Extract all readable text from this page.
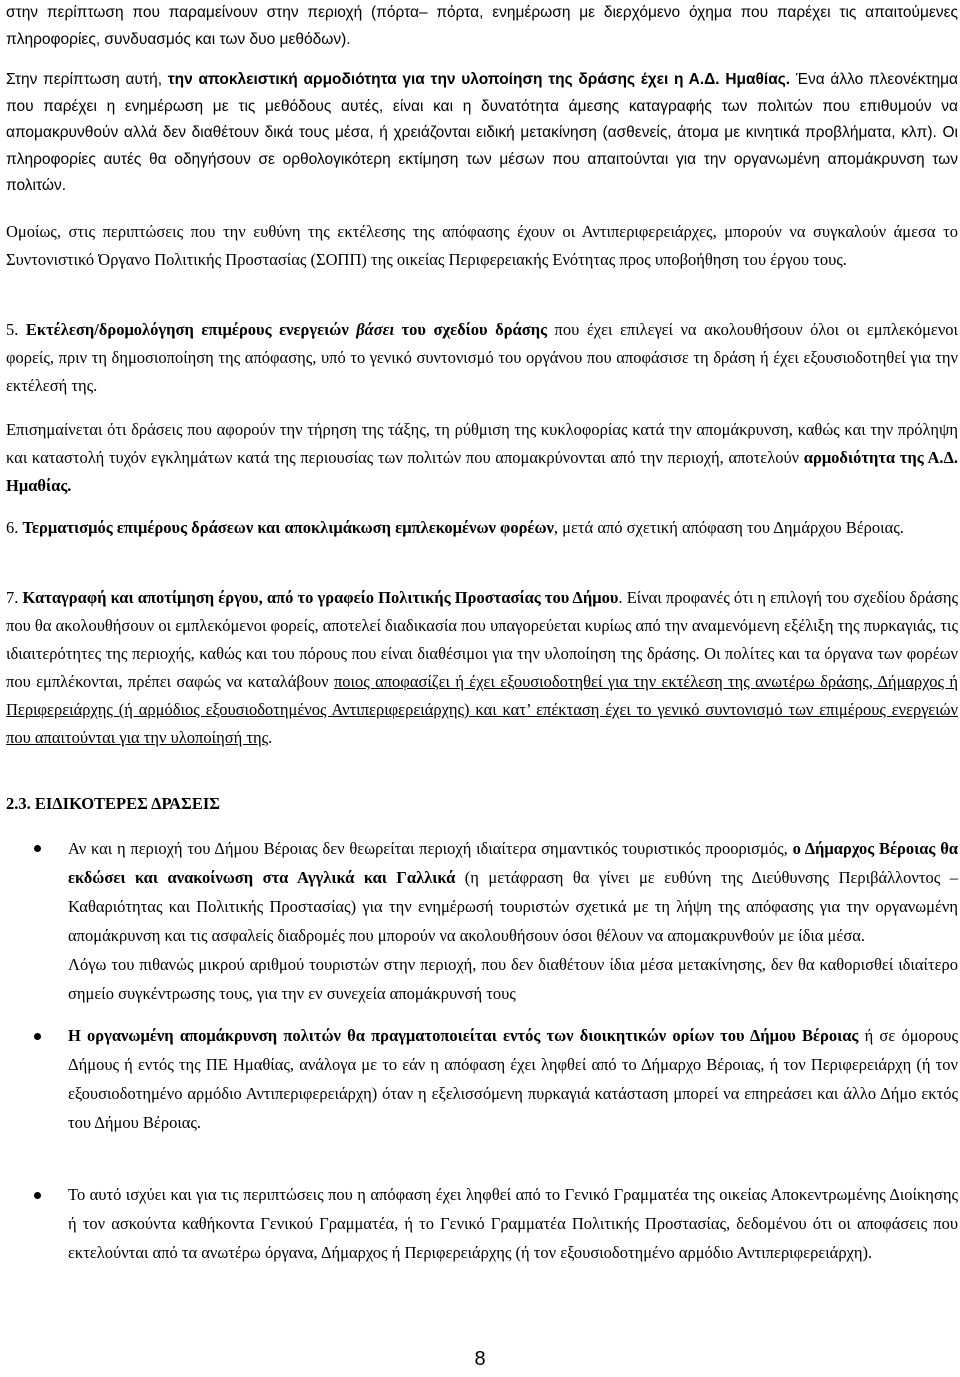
στην περίπτωση που παραμείνουν στην περιοχή (πόρτα– πόρτα, ενημέρωση με διερχόμενο όχημα που παρέχει τις απαιτούμενες πληροφορίες, συνδυασμός και των δυο μεθόδων).

Στην περίπτωση αυτή, την αποκλειστική αρμοδιότητα για την υλοποίηση της δράσης έχει η Α.Δ. Ημαθίας. Ένα άλλο πλεονέκτημα που παρέχει η ενημέρωση με τις μεθόδους αυτές, είναι και η δυνατότητα άμεσης καταγραφής των πολιτών που επιθυμούν να απομακρυνθούν αλλά δεν διαθέτουν δικά τους μέσα, ή χρειάζονται ειδική μετακίνηση (ασθενείς, άτομα με κινητικά προβλήματα, κλπ). Οι πληροφορίες αυτές θα οδηγήσουν σε ορθολογικότερη εκτίμηση των μέσων που απαιτούνται για την οργανωμένη απομάκρυνση των πολιτών.

Ομοίως, στις περιπτώσεις που την ευθύνη της εκτέλεσης της απόφασης έχουν οι Αντιπεριφερειάρχες, μπορούν να συγκαλούν άμεσα το Συντονιστικό Όργανο Πολιτικής Προστασίας (ΣΟΠΠ) της οικείας Περιφερειακής Ενότητας προς υποβοήθηση του έργου τους.

5. Εκτέλεση/δρομολόγηση επιμέρους ενεργειών βάσει του σχεδίου δράσης που έχει επιλεγεί να ακολουθήσουν όλοι οι εμπλεκόμενοι φορείς, πριν τη δημοσιοποίηση της απόφασης, υπό το γενικό συντονισμό του οργάνου που αποφάσισε τη δράση ή έχει εξουσιοδοτηθεί για την εκτέλεσή της.

Επισημαίνεται ότι δράσεις που αφορούν την τήρηση της τάξης, τη ρύθμιση της κυκλοφορίας κατά την απομάκρυνση, καθώς και την πρόληψη και καταστολή τυχόν εγκλημάτων κατά της περιουσίας των πολιτών που απομακρύνονται από την περιοχή, αποτελούν αρμοδιότητα της Α.Δ. Ημαθίας.

6. Τερματισμός επιμέρους δράσεων και αποκλιμάκωση εμπλεκομένων φορέων, μετά από σχετική απόφαση του Δημάρχου Βέροιας.

7. Καταγραφή και αποτίμηση έργου, από το γραφείο Πολιτικής Προστασίας του Δήμου. Είναι προφανές ότι η επιλογή του σχεδίου δράσης που θα ακολουθήσουν οι εμπλεκόμενοι φορείς, αποτελεί διαδικασία που υπαγορεύεται κυρίως από την αναμενόμενη εξέλιξη της πυρκαγιάς, τις ιδιαιτερότητες της περιοχής, καθώς και του πόρους που είναι διαθέσιμοι για την υλοποίηση της δράσης. Οι πολίτες και τα όργανα των φορέων που εμπλέκονται, πρέπει σαφώς να καταλάβουν ποιος αποφασίζει ή έχει εξουσιοδοτηθεί για την εκτέλεση της ανωτέρω δράσης, Δήμαρχος ή Περιφερειάρχης (ή αρμόδιος εξουσιοδοτημένος Αντιπεριφερειάρχης) και κατ’ επέκταση έχει το γενικό συντονισμό των επιμέρους ενεργειών που απαιτούνται για την υλοποίησή της.

2.3. ΕΙΔΙΚΟΤΕΡΕΣ ΔΡΑΣΕΙΣ

Αν και η περιοχή του Δήμου Βέροιας δεν θεωρείται περιοχή ιδιαίτερα σημαντικός τουριστικός προορισμός, ο Δήμαρχος Βέροιας θα εκδώσει και ανακοίνωση στα Αγγλικά και Γαλλικά (η μετάφραση θα γίνει με ευθύνη της Διεύθυνσης Περιβάλλοντος – Καθαριότητας και Πολιτικής Προστασίας) για την ενημέρωσή τουριστών σχετικά με τη λήψη της απόφασης για την οργανωμένη απομάκρυνση και τις ασφαλείς διαδρομές που μπορούν να ακολουθήσουν όσοι θέλουν να απομακρυνθούν με ίδια μέσα.
Λόγω του πιθανώς μικρού αριθμού τουριστών στην περιοχή, που δεν διαθέτουν ίδια μέσα μετακίνησης, δεν θα καθορισθεί ιδιαίτερο σημείο συγκέντρωσης τους, για την εν συνεχεία απομάκρυνσή τους
Η οργανωμένη απομάκρυνση πολιτών θα πραγματοποιείται εντός των διοικητικών ορίων του Δήμου Βέροιας ή σε όμορους Δήμους ή εντός της ΠΕ Ημαθίας, ανάλογα με το εάν η απόφαση έχει ληφθεί από το Δήμαρχο Βέροιας, ή τον Περιφερειάρχη (ή τον εξουσιοδοτημένο αρμόδιο Αντιπεριφερειάρχη) όταν η εξελισσόμενη πυρκαγιά κατάσταση μπορεί να επηρεάσει και άλλο Δήμο εκτός του Δήμου Βέροιας.
Το αυτό ισχύει και για τις περιπτώσεις που η απόφαση έχει ληφθεί από το Γενικό Γραμματέα της οικείας Αποκεντρωμένης Διοίκησης ή τον ασκούντα καθήκοντα Γενικού Γραμματέα, ή το Γενικό Γραμματέα Πολιτικής Προστασίας, δεδομένου ότι οι αποφάσεις που εκτελούνται από τα ανωτέρω όργανα, Δήμαρχος ή Περιφερειάρχης (ή τον εξουσιοδοτημένο αρμόδιο Αντιπεριφερειάρχη).
8
